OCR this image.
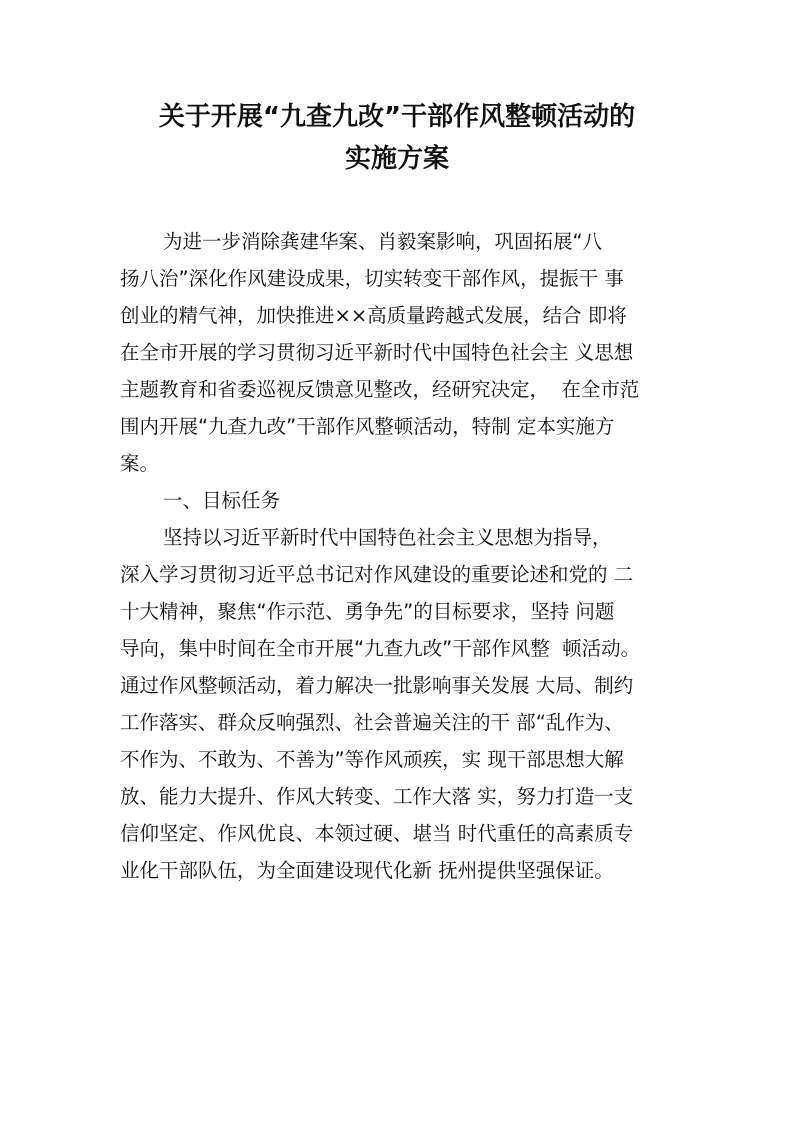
关于开展“九查九改”干部作风整顿活动的
实施方案
为进一步消除龚建华案、肖毅案影响，巩固拓展“八
扬八治”深化作风建设成果，切实转变干部作风，提振干 事
创业的精气神，加快推进××高质量跨越式发展，结合 即将
在全市开展的学习贯彻习近平新时代中国特色社会主 义思想
主题教育和省委巡视反馈意见整改，经研究决定，  在全市范
围内开展“九查九改”干部作风整顿活动，特制 定本实施方
案。
一、目标任务
坚持以习近平新时代中国特色社会主义思想为指导，
深入学习贯彻习近平总书记对作风建设的重要论述和党的 二
十大精神，聚焦“作示范、勇争先”的目标要求，坚持 问题
导向，集中时间在全市开展“九查九改”干部作风整  顿活动。
通过作风整顿活动，着力解决一批影响事关发展 大局、制约
工作落实、群众反响强烈、社会普遍关注的干 部“乱作为、
不作为、不敢为、不善为”等作风顽疾，实 现干部思想大解
放、能力大提升、作风大转变、工作大落 实，努力打造一支
信仰坚定、作风优良、本领过硬、堪当 时代重任的高素质专
业化干部队伍，为全面建设现代化新 抚州提供坚强保证。
